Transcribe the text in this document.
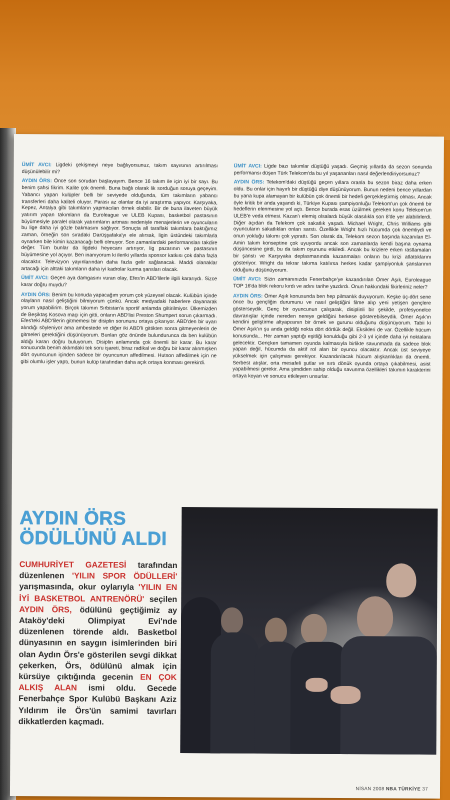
ÜMİT AVCI: Ligdeki çekişmeyi neye bağlıyorsunuz, takım sayısının artırılması düşünülebilir mi?

AYDIN ÖRS: Önce son sorudan başlayayım. Bence 16 takım ile için iyi bir sayı. Bu benim şahsi fikrim. Kalite çok önemli. Buna bağlı olarak lik sorduğun soruya geçeyim. Yabancı yapan kulüpler belli bir seviyede olduğunda, tüm takımların yabancı transferleri daha kaliteli oluyor. Parası az olanlar da iyi araştırma yapıyor. Karşıyaka, Kepez, Antalya gibi takımların yapmacıları örnek olabilir. Bir de buna ilaveten büyük yatırım yapan takımların da Euroleague ve ULEB Kupası, basketbol pastasının büyümesiyle paralel olarak yatırımların artması nedeniyle menajerlerin ve oyuncuların bu lige daha iyi gözle bakmasını sağlıyor. Sonuçta all taraflaki takımlara baktığımız zaman, örneğin son sıradaki Darüşşafaka'yı ele alırsak, ligin üstündeki takımlarla oynarken bile kimin kazanacağı belli olmuyor. Son zamanlardaki performansları takdire değer. Tüm bunlar da ligdeki heyecanı artırıyor, lig pazarının ve pastasının büyümesine yol açıyor. Ben inanıyorum ki ileriki yıllarda sponsor katkısı çok daha fazla olacaktır. Televizyon yayınlarından daha fazla gelir sağlanacak. Maddi olanaklar artacağı için alttaki takımların daha iyi kadrolar kurma şansları olacak.

ÜMİT AVCI: Geçen aya damgasını vuran olay, Efes'in ABD'lilerle ilgili kararıydı. Sizce karar doğru muydu?

AYDIN ÖRS: Benim bu konuda yapacağım yorum çok yüzeysel olacak. Kulübün içinde olayların nasıl geliştiğini bilmiyorum çünkü. Ancak medyadaki haberlere dayanarak yorum yapabilirim. Birçok takımın Sırbistan'a sportif anlamda giltirilmiyor. Ülkemizden de Beşiktaş Kosova maçı için gitti, onların ABD'lisi Preston Shumpert sorun çıkarmadı. Efes'teki ABD'lilerin gitmemesi bir disiplin sorununu ortaya çıkarıyor. ABD'den bir uyarı alındığı söyleniyor ama ambestede ve diğer iki ABD'li gittikten sonra gitmeyenlerin de gitmeleri gerektiğini düşünüyorum. Bunları göz önünde bulundurunca da ben kulübün aldığı kararı doğru buluyorum. Disiplin anlamında çok önemli bir karar. Bu karar sonucunda benim aklımdaki tek soru işareti, biraz radikal ve doğru bir karar alınmışken dört oyuncunun içinden sadece bir oyuncunun affedilmesi. Hutson affedilmek için ne gibi olumlu işler yaptı, bunun kulüp tarafından daha açık ortaya konması gerekirdi.

ÜMİT AVCI: Ligde bazı takımlar düştüğü yaşadı. Geçmiş yıllarda da sezon sonunda performansı düşen Türk Telekom'da bu yıl yaşananları nasıl değerlendiriyorsunuz?

AYDIN ÖRS: Telekom'daki düştüğü geçen yıllara oranla bu sezon biraz daha erken oldu. Bu onlar için hayırlı bir düştüğü diye düşünüyorum. Bunun nedeni bence yıllardan bu yana kupa alamayan bir kulübün çok önemli bir hedefi gerçekleştirmiş olması. Ancak öyle kritik bir anda yaşandı ki, Türkiye Kupası şampiyonluğu Telekom'un çok önemli bir hedeflerin elenmesine yol açtı. Bence burada esas üzülmek gereken konu Telekom'un ULEB'e veda etmesi. Kazan'ı elemiş olsalardı büyük olasılıkla son 8'de yer alabilirlerdi. Diğer açıdan da Telekom çok sakatlık yaşadı. Michael Wright, Chris Williams gibi oyuncuların sakatlıkları onları sarstı. Özellikle Wright hızlı hücumda çok önemliydi ve onun yokluğu takımı çok yıprattı. Son olarak da, Telekom sezon başında kazanılan El-Amin takım konseptine çok uyuyordu ancak son zamanlarda kendi başına oynama düşüncesine girdi, bu da takım oyununu etkiledi. Ancak bu krizlere erken rastlamaları bir şanstı ve Karşıyaka deplasmanında kazanmaları onların bu krizi atlattıklarını gösteriyor. Wright da tekrar takıma katılırsa herkes kadar şampiyonluk şanslarının olduğunu düşünüyorum.

ÜMİT AVCI: Sizin zamanınızda Fenerbahçe'ye kazandırılan Ömer Aşık, Euroleague TOP 16'da blok rekoru kırdı ve adını tarihe yazdırdı. Onun hakkındaki fikirleriniz neler?

AYDIN ÖRS: Ömer Aşık konusunda ben hep pilmanlık duyuyorum. Keşke üç-dört sene önce bu gençliğin durumunu ve nasıl geliştiğini filme alıp yeni yetişen gençlere gösterseydik. Genç bir oyuncunun çalışarak, disiplinli bir şekilde, profesyonelce davranışlar içinde nereden nereye geldiğini herkese gösterebilseydik. Ömer Aşık'ın kendini geliştirme altyapısının bir örnek ve gurunu olduğunu düşünüyorum. Tabii ki Ömer Aşık'ın şu anda geldiği nokta dört dörtlük değil. Eksikleri de var. Özellikle hücum konusunda... Her zaman yaptığı eşitliği konulduğu gibi 2-3 yıl içinde daha iyi noktalara gelecektir. Gençken tamamen oyunda kalmasıyla birlikte savunmada da sadece blok yapan değil, hücumda da aktif rol alan bir oyuncu olacaktır. Ancak üst seviyeye yükselmek için çalışması gerekiyor. Kazandırılacak hücum alışkanlıkları da önemli. Serbest atışlar, orta mesafeli şutlar ve sırtı dönük oyunda ortaya çıkabilmesi, asist yapabilmesi gerekir. Ama şimdiden sahip olduğu savunma özellikleri takımın karakterini ortaya koyan ve sonucu etkileyen unsurlar.

AYDIN ÖRS
ÖDÜLÜNÜ ALDI
CUMHURİYET GAZETESİ tarafından düzenlenen 'YILIN SPOR ÖDÜLLERİ' yarışmasında, okur oylarıyla 'YILIN EN İYİ BASKETBOL ANTRENÖRÜ' seçilen AYDIN ÖRS, ödülünü geçtiğimiz ay Ataköy'deki Olimpiyat Evi'nde düzenlenen törende aldı. Basketbol dünyasının en saygın isimlerinden biri olan Aydın Örs'e gösterilen sevgi dikkat çekerken, Örs, ödülünü almak için kürsüye çıktığında gecenin EN ÇOK ALKIŞ ALAN ismi oldu. Gecede Fenerbahçe Spor Kulübü Başkanı Aziz Yıldırım ile Örs'ün samimi tavırları dikkatlerden kaçmadı.
NİSAN 2008 NBA TÜRKİYE 37
